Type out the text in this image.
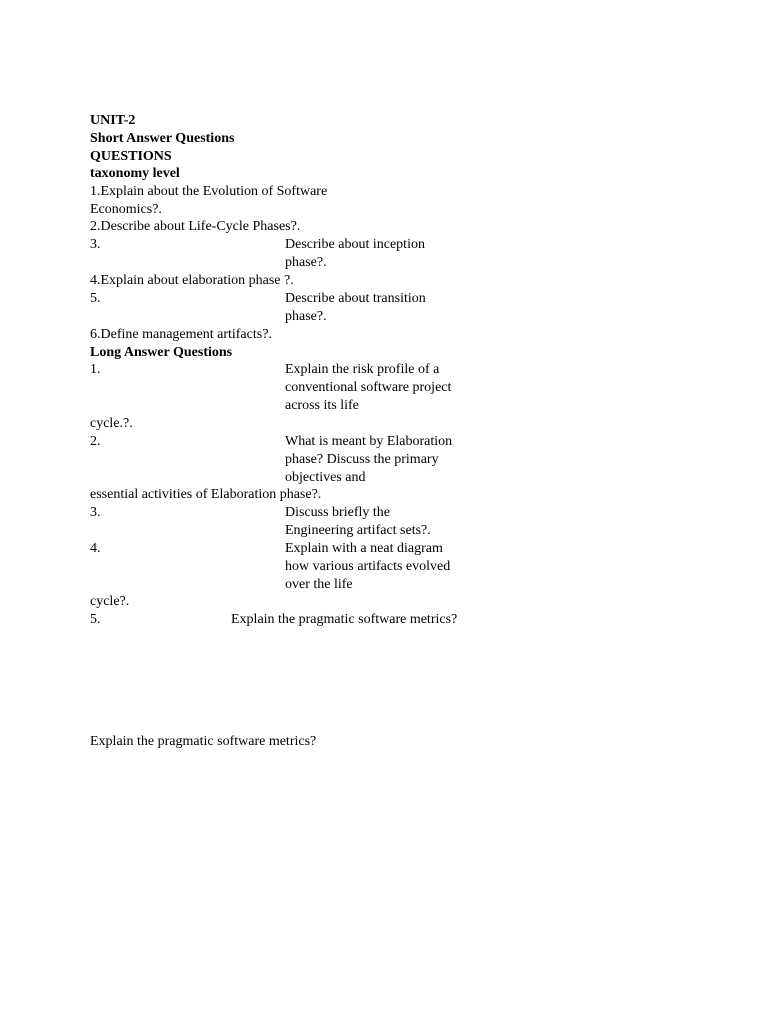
UNIT-2
Short Answer Questions
QUESTIONS
taxonomy level
1.Explain about the Evolution of Software
Economics?.
2.Describe about Life-Cycle Phases?.
3.	Describe about inception phase?.
4.Explain about elaboration phase ?.
5.	Describe about transition phase?.
6.Define management artifacts?.
Long Answer Questions
1.	Explain the risk profile of a conventional software project across its life
cycle.?.
2.	What is meant by Elaboration phase? Discuss the primary objectives and
essential activities of Elaboration phase?.
3.	Discuss briefly the Engineering artifact sets?.
4.	Explain with a neat diagram how various artifacts evolved over the life
cycle?.
5.	Explain the pragmatic software metrics?
Explain the pragmatic software metrics?
